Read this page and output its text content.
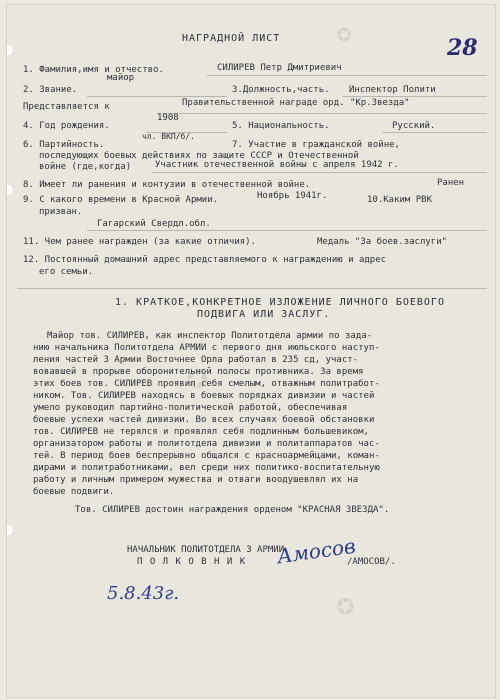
✪
✪
✪
НАГРАДНОЙ ЛИСТ	28
1. Фамилия,имя и отчество.	СИЛИРЕВ Петр Дмитриевич
майор
2. Звание.	3.Должность,часть. Инспектор Полити
Представляется к	Правительственной награде орд. "Кр.Звезда"
1908
4. Год рождения.	5. Национальность.	Русский.
чл. ВКП/б/.
6. Партийность.	7. Участие в гражданской войне,
последующих боевых действиях по защите СССР и Отечественной
войне (где,когда)	Участник отечественной войны с апреля 1942 г.
8. Имеет ли ранения и контузии в отечественной войне.	Ранен
9. С какого времени в Красной Армии.	Ноябрь 1941г.	10.Каким РВК
призван.
Гагарский Свердл.обл.
11. Чем ранее награжден (за какие отличия).	Медаль "За боев.заслуги"
12. Постоянный домашний адрес представляемого к награждению и адрес
его семьи.
1. КРАТКОЕ,КОНКРЕТНОЕ ИЗЛОЖЕНИЕ ЛИЧНОГО БОЕВОГО
ПОДВИГА ИЛИ ЗАСЛУГ.
Майор тов. СИЛИРЕВ, как инспектор Политотдела армии по зада-
нию начальника Политотдела АРМИИ с первого дня июльского наступ-
ления частей 3 Армии Восточнее Орла работал в 235 сд, участ-
вовавшей в прорыве оборонительной полосы противника. За время
этих боев тов. СИЛИРЕВ проявил себя смелым, отважным политработ-
ником. Тов. СИЛИРЕВ находясь в боевых порядках дивизии и частей
умело руководил партийно-политической работой, обеспечивая
боевые успехи частей дивизии. Во всех случаях боевой обстановки
тов. СИЛИРЕВ не терялся и проявлял себя подлинным большевиком,
организатором работы и политотдела дивизии и политаппаратов час-
тей. В период боев беспрерывно общался с красноармейцами, коман-
дирами и политработниками, вел среди них политико-воспитательную
работу и личным примером мужества и отваги воодушевлял их на
боевые подвиги.
Тов. СИЛИРЕВ достоин награждения орденом "КРАСНАЯ ЗВЕЗДА".
НАЧАЛЬНИК ПОЛИТОТДЕЛА 3 АРМИИ
П О Л К О В Н И К Амосов
/АМОСОВ/.
5.8.43г.
